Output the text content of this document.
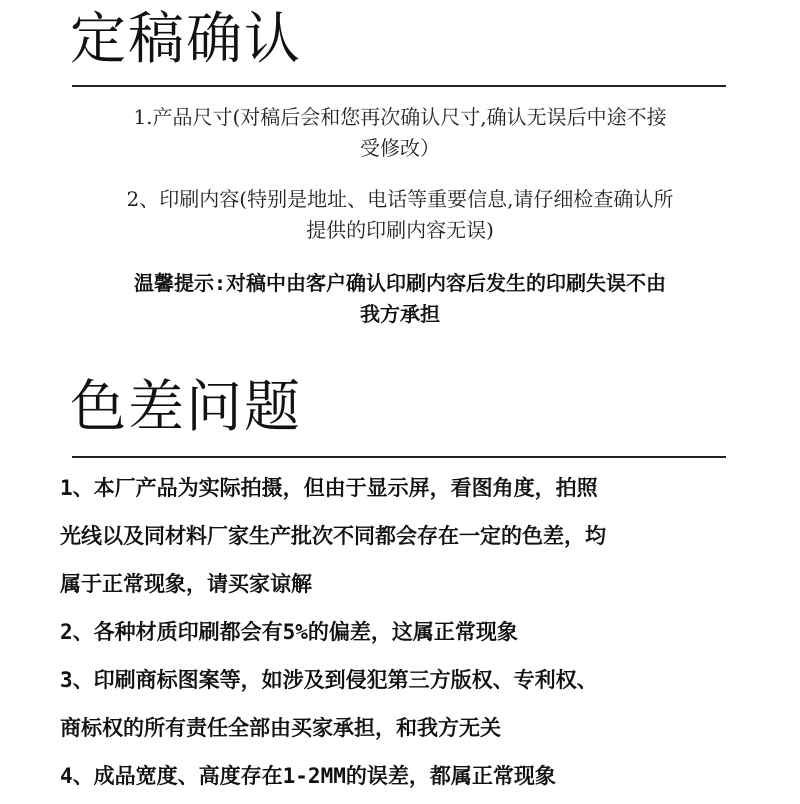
定稿确认

1.产品尺寸(对稿后会和您再次确认尺寸,确认无误后中途不接
受修改）

2、印刷内容(特别是地址、电话等重要信息,请仔细检查确认所
提供的印刷内容无误)

温馨提示:对稿中由客户确认印刷内容后发生的印刷失误不由
我方承担

色差问题
1、本厂产品为实际拍摄，但由于显示屏，看图角度，拍照
光线以及同材料厂家生产批次不同都会存在一定的色差，均
属于正常现象，请买家谅解
2、各种材质印刷都会有5%的偏差，这属正常现象
3、印刷商标图案等，如涉及到侵犯第三方版权、专利权、
商标权的所有责任全部由买家承担，和我方无关
4、成品宽度、高度存在1-2MM的误差，都属正常现象
